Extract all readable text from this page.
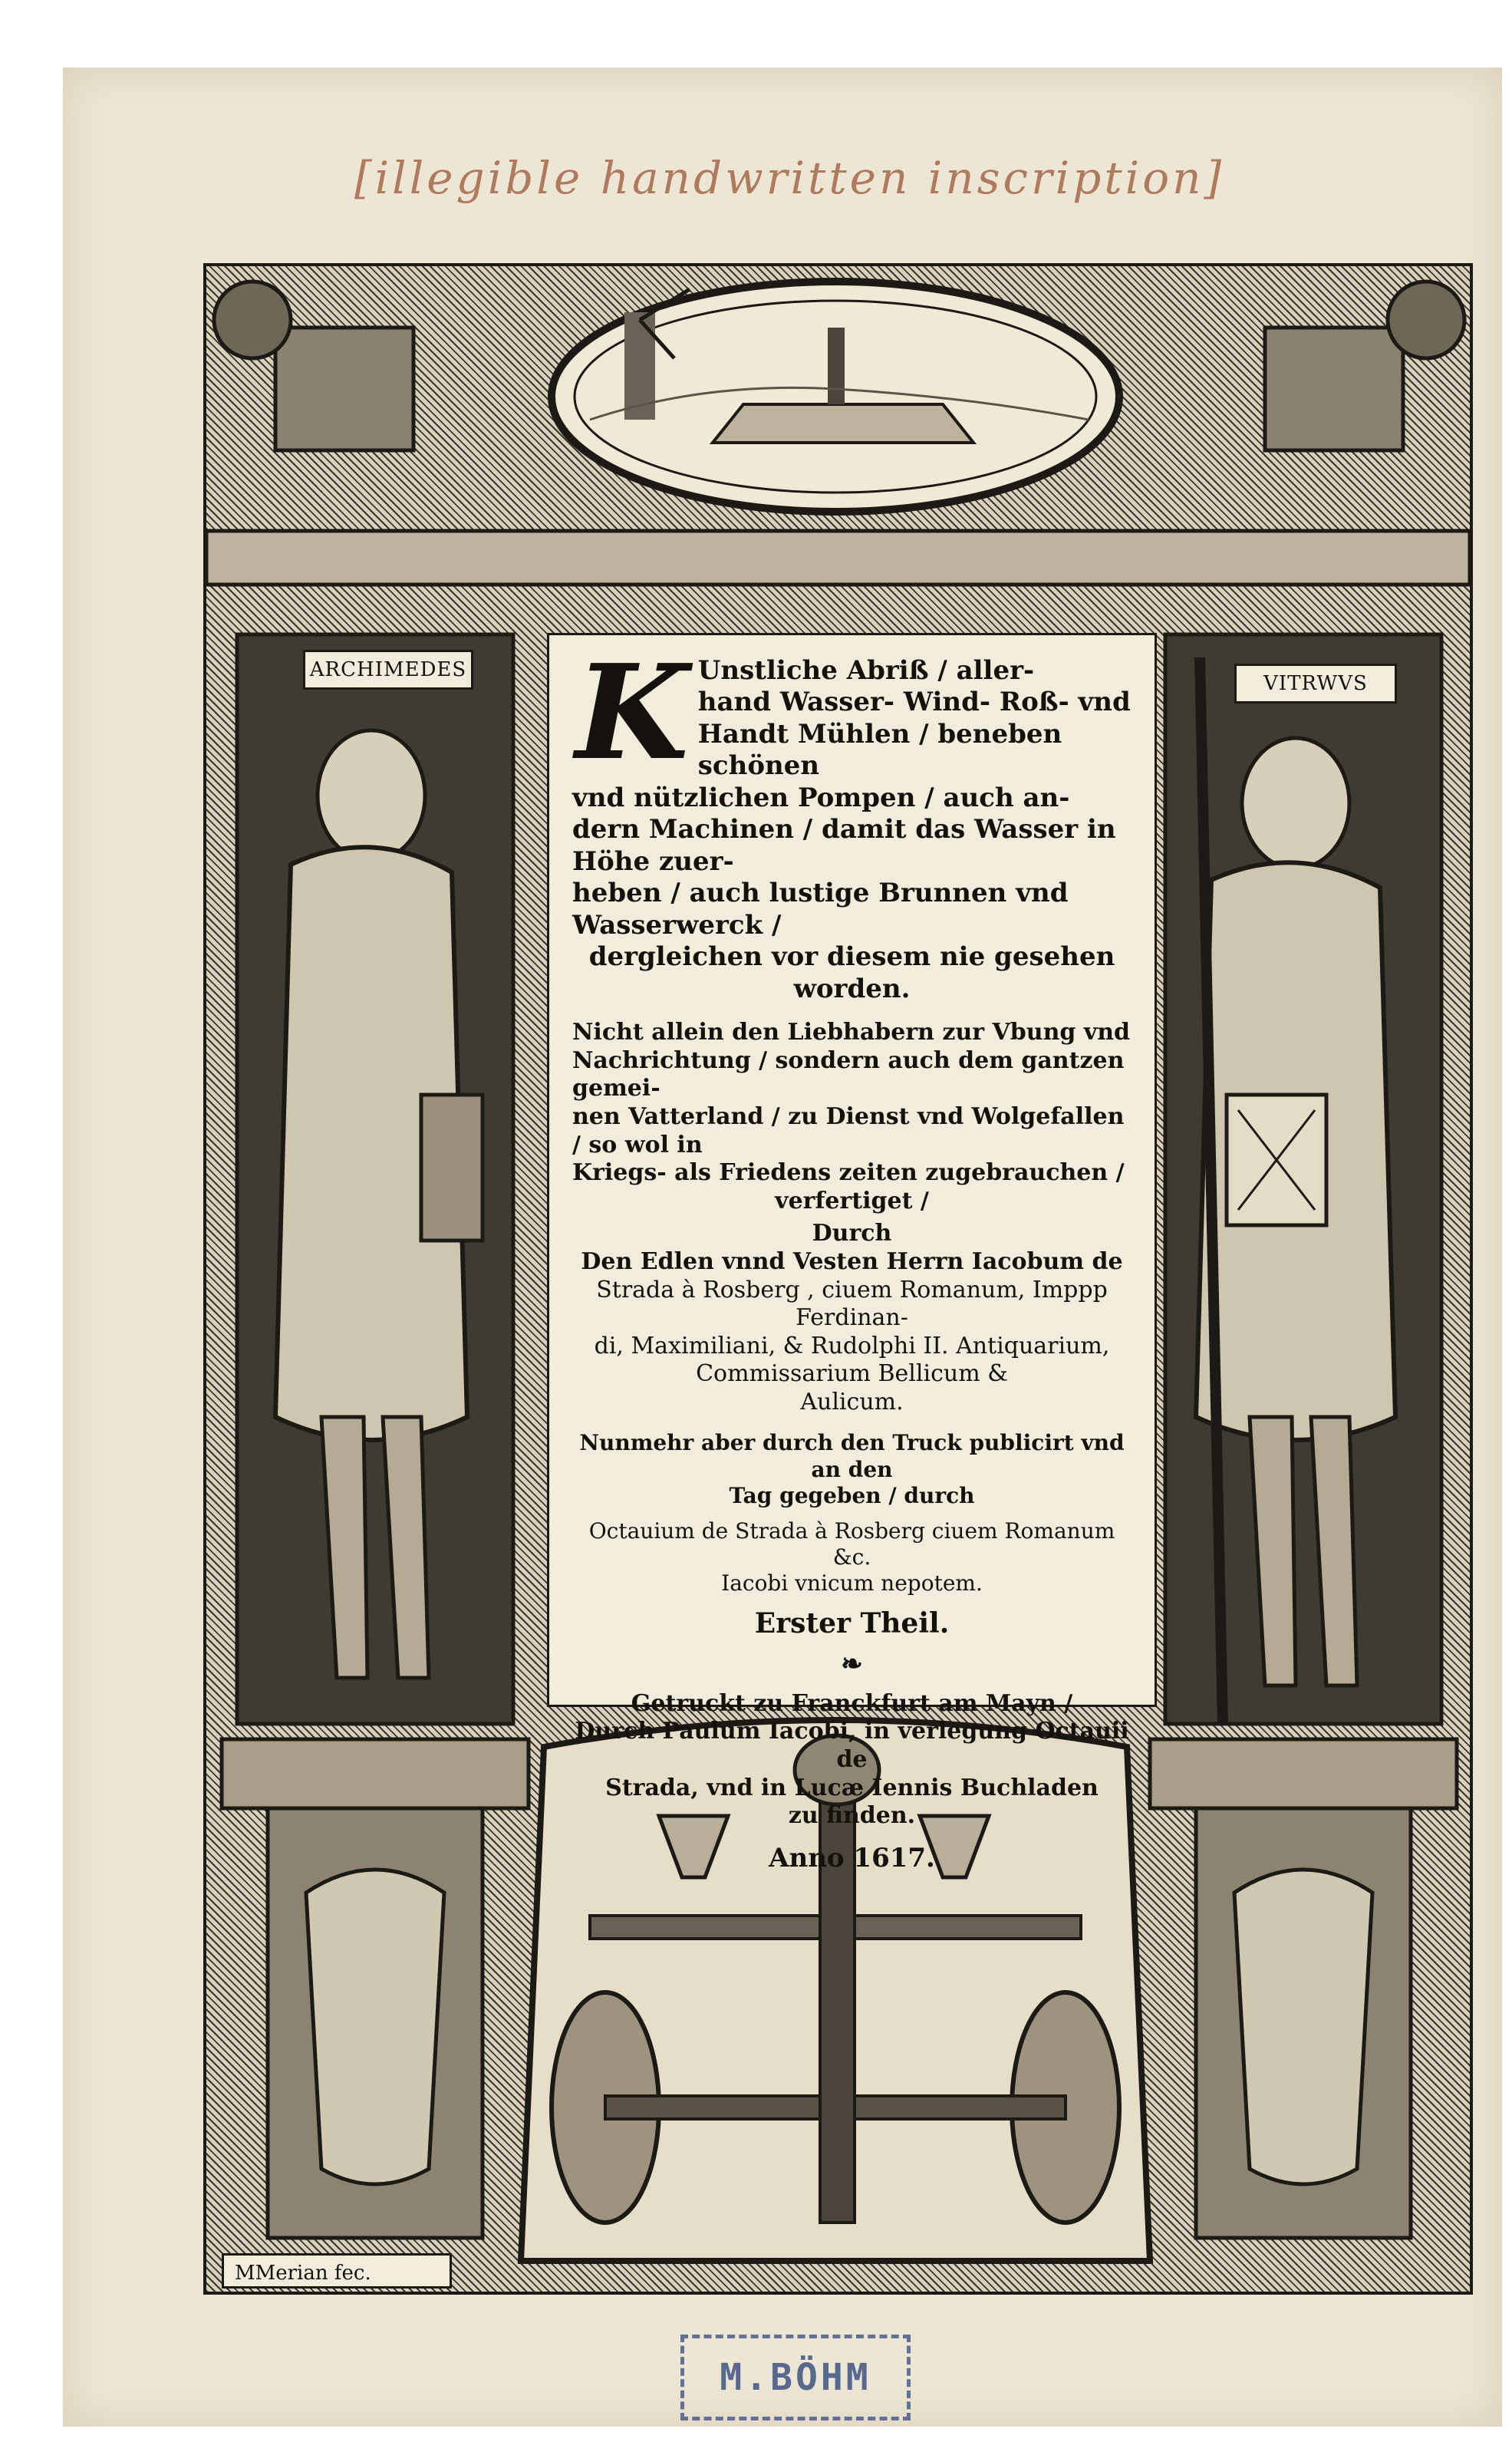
[illegible handwritten inscription]
ARCHIMEDES
VITRWVS
K Unstliche Abriß / aller-
hand Wasser- Wind- Roß- vnd
Handt Mühlen / beneben schönen
vnd nützlichen Pompen / auch an-
dern Machinen / damit das Wasser in Höhe zuer-
heben / auch lustige Brunnen vnd Wasserwerck /
dergleichen vor diesem nie gesehen
worden.
Nicht allein den Liebhabern zur Vbung vnd
Nachrichtung / sondern auch dem gantzen gemei-
nen Vatterland / zu Dienst vnd Wolgefallen / so wol in
Kriegs- als Friedens zeiten zugebrauchen /
verfertiget /
Durch
Den Edlen vnnd Vesten Herrn Iacobum de
Strada à Rosberg , ciuem Romanum, Imppp Ferdinan-
di, Maximiliani, & Rudolphi II. Antiquarium,
Commissarium Bellicum &
Aulicum.
Nunmehr aber durch den Truck publicirt vnd an den
Tag gegeben / durch
Octauium de Strada à Rosberg ciuem Romanum &c.
Iacobi vnicum nepotem.
Erster Theil.
❧
Getruckt zu Franckfurt am Mayn /
Durch Paulum Iacobi, in verlegung Octauii de
Strada, vnd in Lucæ Iennis Buchladen
zu finden.
Anno 1617.
MMerian fec.
M.BÖHM
